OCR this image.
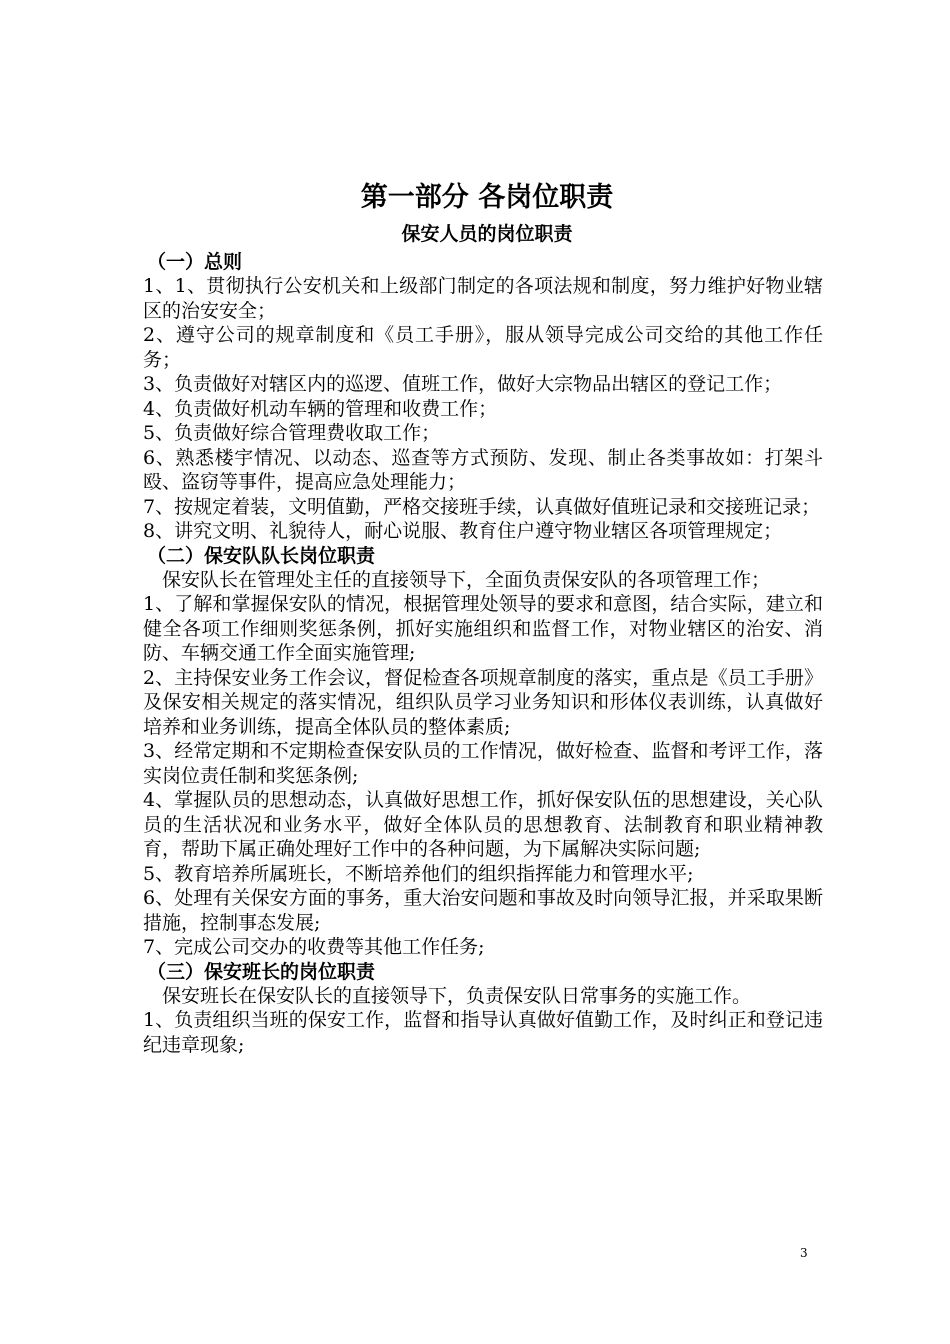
第一部分 各岗位职责
保安人员的岗位职责

（一）总则

1、1、贯彻执行公安机关和上级部门制定的各项法规和制度，努力维护好物业辖区的治安安全；

2、遵守公司的规章制度和《员工手册》，服从领导完成公司交给的其他工作任务；

3、负责做好对辖区内的巡逻、值班工作，做好大宗物品出辖区的登记工作；

4、负责做好机动车辆的管理和收费工作；

5、负责做好综合管理费收取工作；

6、熟悉楼宇情况、以动态、巡查等方式预防、发现、制止各类事故如：打架斗殴、盗窃等事件，提高应急处理能力；

7、按规定着装，文明值勤，严格交接班手续，认真做好值班记录和交接班记录；

8、讲究文明、礼貌待人，耐心说服、教育住户遵守物业辖区各项管理规定；

（二）保安队队长岗位职责

保安队长在管理处主任的直接领导下，全面负责保安队的各项管理工作；

1、了解和掌握保安队的情况，根据管理处领导的要求和意图，结合实际，建立和健全各项工作细则奖惩条例，抓好实施组织和监督工作，对物业辖区的治安、消防、车辆交通工作全面实施管理;

2、主持保安业务工作会议，督促检查各项规章制度的落实，重点是《员工手册》及保安相关规定的落实情况，组织队员学习业务知识和形体仪表训练，认真做好培养和业务训练，提高全体队员的整体素质;

3、经常定期和不定期检查保安队员的工作情况，做好检查、监督和考评工作，落实岗位责任制和奖惩条例;

4、掌握队员的思想动态，认真做好思想工作，抓好保安队伍的思想建设，关心队员的生活状况和业务水平，做好全体队员的思想教育、法制教育和职业精神教育，帮助下属正确处理好工作中的各种问题，为下属解决实际问题;

5、教育培养所属班长，不断培养他们的组织指挥能力和管理水平;

6、处理有关保安方面的事务，重大治安问题和事故及时向领导汇报，并采取果断措施，控制事态发展;

7、完成公司交办的收费等其他工作任务;

（三）保安班长的岗位职责

保安班长在保安队长的直接领导下，负责保安队日常事务的实施工作。

1、负责组织当班的保安工作，监督和指导认真做好值勤工作，及时纠正和登记违纪违章现象;

3
